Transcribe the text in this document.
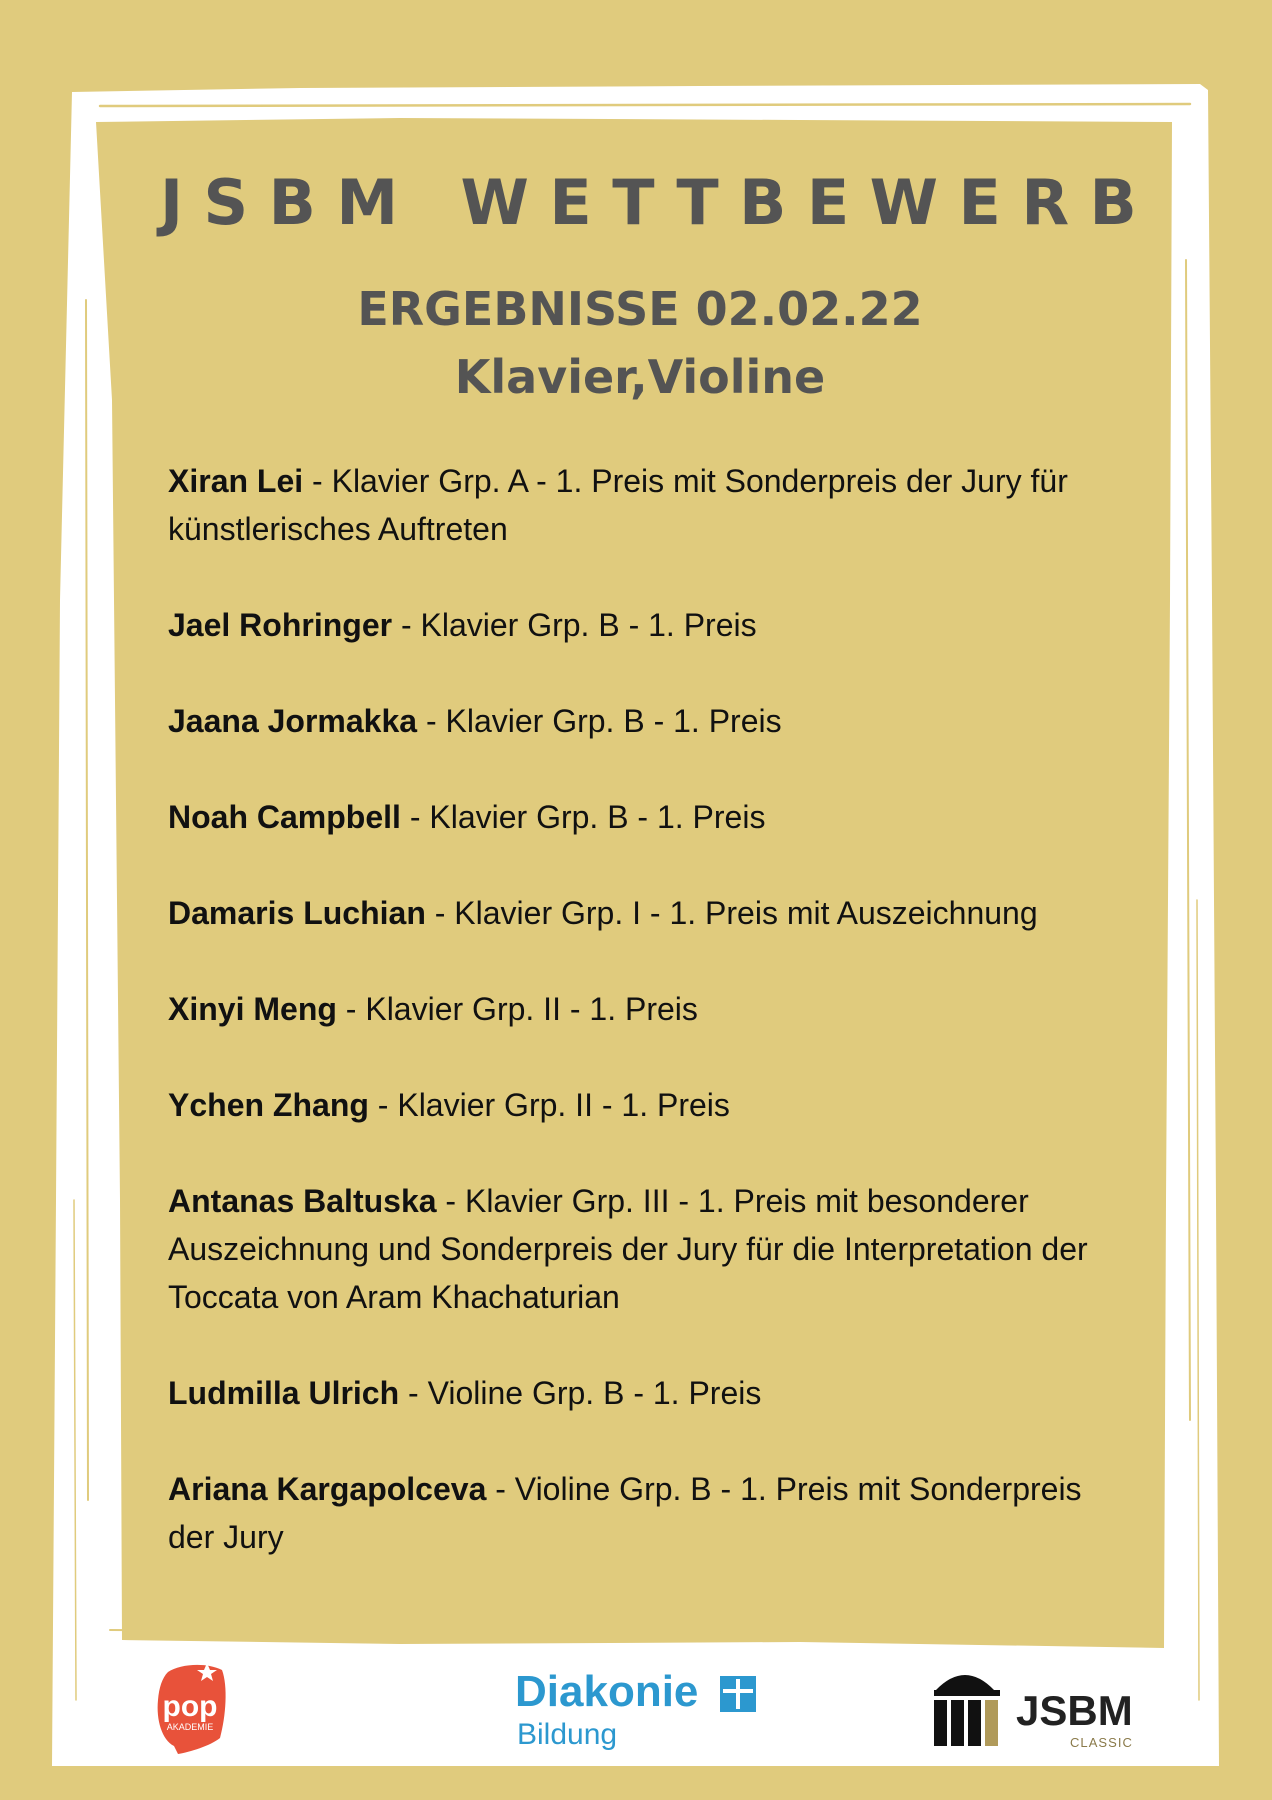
JSBM WETTBEWERB
ERGEBNISSE 02.02.22
Klavier,Violine
Xiran Lei - Klavier Grp. A - 1. Preis mit Sonderpreis der Jury für künstlerisches Auftreten
Jael Rohringer - Klavier Grp. B - 1. Preis
Jaana Jormakka - Klavier Grp. B - 1. Preis
Noah Campbell - Klavier Grp. B - 1. Preis
Damaris Luchian - Klavier Grp. I - 1. Preis mit Auszeichnung
Xinyi Meng - Klavier Grp. II - 1. Preis
Ychen Zhang - Klavier Grp. II - 1. Preis
Antanas Baltuska - Klavier Grp. III - 1. Preis mit besonderer Auszeichnung und Sonderpreis der Jury für die Interpretation der Toccata von Aram Khachaturian
Ludmilla Ulrich - Violine Grp. B - 1. Preis
Ariana Kargapolceva - Violine Grp. B - 1. Preis mit Sonderpreis der Jury
pop
AKADEMIE
Diakonie
Bildung
JSBM
CLASSIC
